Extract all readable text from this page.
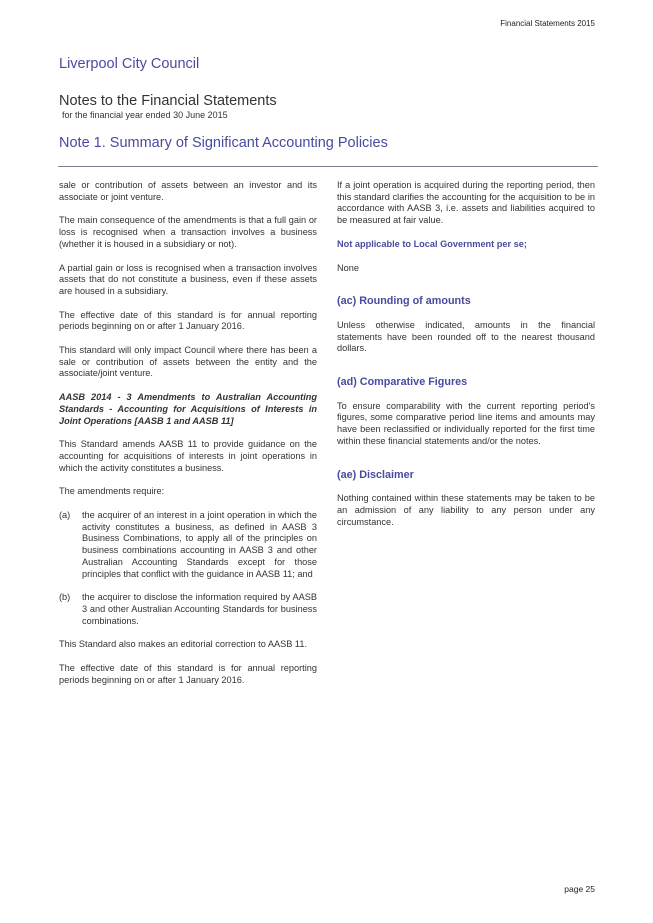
Financial Statements 2015
Liverpool City Council
Notes to the Financial Statements
for the financial year ended 30 June 2015
Note 1. Summary of Significant Accounting Policies

sale or contribution of assets between an investor and its associate or joint venture.

The main consequence of the amendments is that a full gain or loss is recognised when a transaction involves a business (whether it is housed in a subsidiary or not).

A partial gain or loss is recognised when a transaction involves assets that do not constitute a business, even if these assets are housed in a subsidiary.

The effective date of this standard is for annual reporting periods beginning on or after 1 January 2016.

This standard will only impact Council where there has been a sale or contribution of assets between the entity and the associate/joint venture.

AASB 2014 - 3 Amendments to Australian Accounting Standards - Accounting for Acquisitions of Interests in Joint Operations [AASB 1 and AASB 11]

This Standard amends AASB 11 to provide guidance on the accounting for acquisitions of interests in joint operations in which the activity constitutes a business.

The amendments require:

(a)	the acquirer of an interest in a joint operation in which the activity constitutes a business, as defined in AASB 3 Business Combinations, to apply all of the principles on business combinations accounting in AASB 3 and other Australian Accounting Standards except for those principles that conflict with the guidance in AASB 11; and
(b)	the acquirer to disclose the information required by AASB 3 and other Australian Accounting Standards for business combinations.

This Standard also makes an editorial correction to AASB 11.

The effective date of this standard is for annual reporting periods beginning on or after 1 January 2016.

If a joint operation is acquired during the reporting period, then this standard clarifies the accounting for the acquisition to be in accordance with AASB 3, i.e. assets and liabilities acquired to be measured at fair value.

Not applicable to Local Government per se;

None

(ac) Rounding of amounts

Unless otherwise indicated, amounts in the financial statements have been rounded off to the nearest thousand dollars.

(ad) Comparative Figures

To ensure comparability with the current reporting period's figures, some comparative period line items and amounts may have been reclassified or individually reported for the first time within these financial statements and/or the notes.

(ae) Disclaimer

Nothing contained within these statements may be taken to be an admission of any liability to any person under any circumstance.

page 25
